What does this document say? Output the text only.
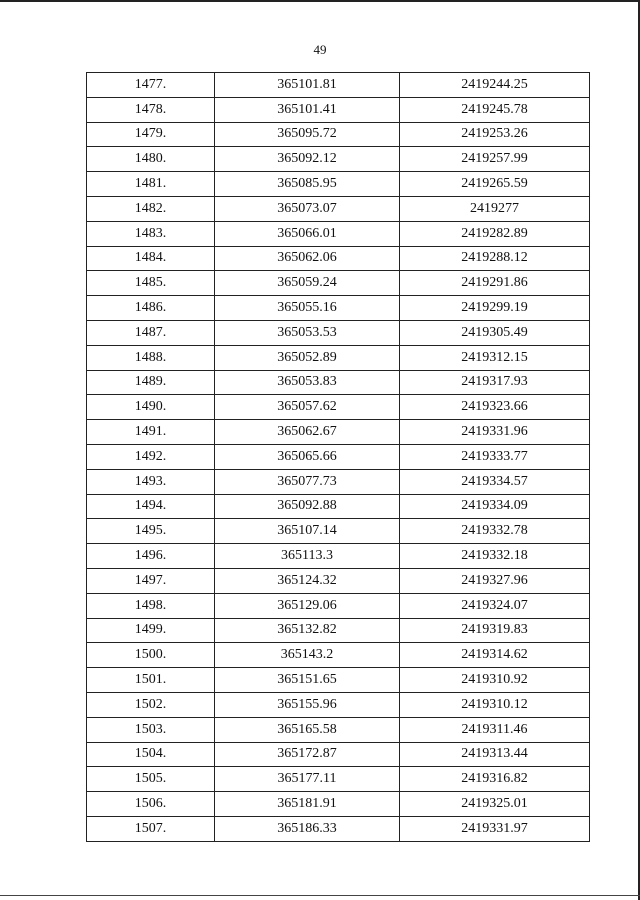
49
1477.	365101.81	2419244.25
1478.	365101.41	2419245.78
1479.	365095.72	2419253.26
1480.	365092.12	2419257.99
1481.	365085.95	2419265.59
1482.	365073.07	2419277
1483.	365066.01	2419282.89
1484.	365062.06	2419288.12
1485.	365059.24	2419291.86
1486.	365055.16	2419299.19
1487.	365053.53	2419305.49
1488.	365052.89	2419312.15
1489.	365053.83	2419317.93
1490.	365057.62	2419323.66
1491.	365062.67	2419331.96
1492.	365065.66	2419333.77
1493.	365077.73	2419334.57
1494.	365092.88	2419334.09
1495.	365107.14	2419332.78
1496.	365113.3	2419332.18
1497.	365124.32	2419327.96
1498.	365129.06	2419324.07
1499.	365132.82	2419319.83
1500.	365143.2	2419314.62
1501.	365151.65	2419310.92
1502.	365155.96	2419310.12
1503.	365165.58	2419311.46
1504.	365172.87	2419313.44
1505.	365177.11	2419316.82
1506.	365181.91	2419325.01
1507.	365186.33	2419331.97
